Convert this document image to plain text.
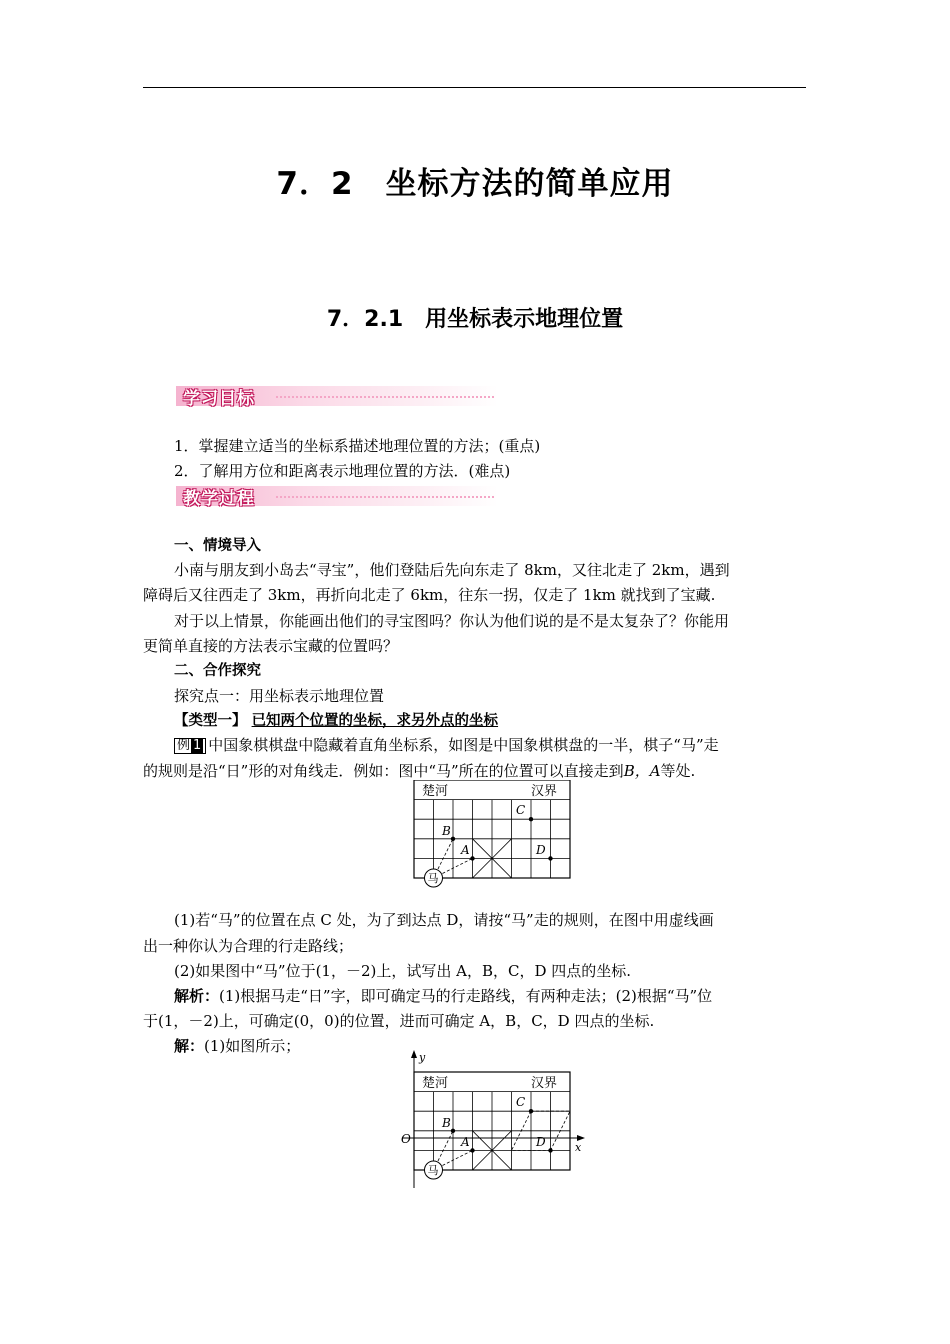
7．2　坐标方法的简单应用
7．2.1　用坐标表示地理位置
学习目标
1．掌握建立适当的坐标系描述地理位置的方法；(重点)
2．了解用方位和距离表示地理位置的方法．(难点)
教学过程
一、情境导入
小南与朋友到小岛去“寻宝”，他们登陆后先向东走了 8km，又往北走了 2km，遇到
障碍后又往西走了 3km，再折向北走了 6km，往东一拐，仅走了 1km 就找到了宝藏.
对于以上情景，你能画出他们的寻宝图吗？你认为他们说的是不是太复杂了？你能用
更简单直接的方法表示宝藏的位置吗？
二、合作探究
探究点一：用坐标表示地理位置
【类型一】 已知两个位置的坐标，求另外点的坐标
例 1 中国象棋棋盘中隐藏着直角坐标系，如图是中国象棋棋盘的一半，棋子“马”走
的规则是沿“日”形的对角线走．例如：图中“马”所在的位置可以直接走到B，A等处.
楚河	汉界
B
A
C
D
马
(1)若“马”的位置在点 C 处，为了到达点 D，请按“马”走的规则，在图中用虚线画
出一种你认为合理的行走路线；
(2)如果图中“马”位于(1，－2)上，试写出 A，B，C，D 四点的坐标.
解析：(1)根据马走“日”字，即可确定马的行走路线，有两种走法；(2)根据“马”位
于(1，－2)上，可确定(0，0)的位置，进而可确定 A，B，C，D 四点的坐标.
解：(1)如图所示；
y
x
O
楚河	汉界
B
A
C
D
马
